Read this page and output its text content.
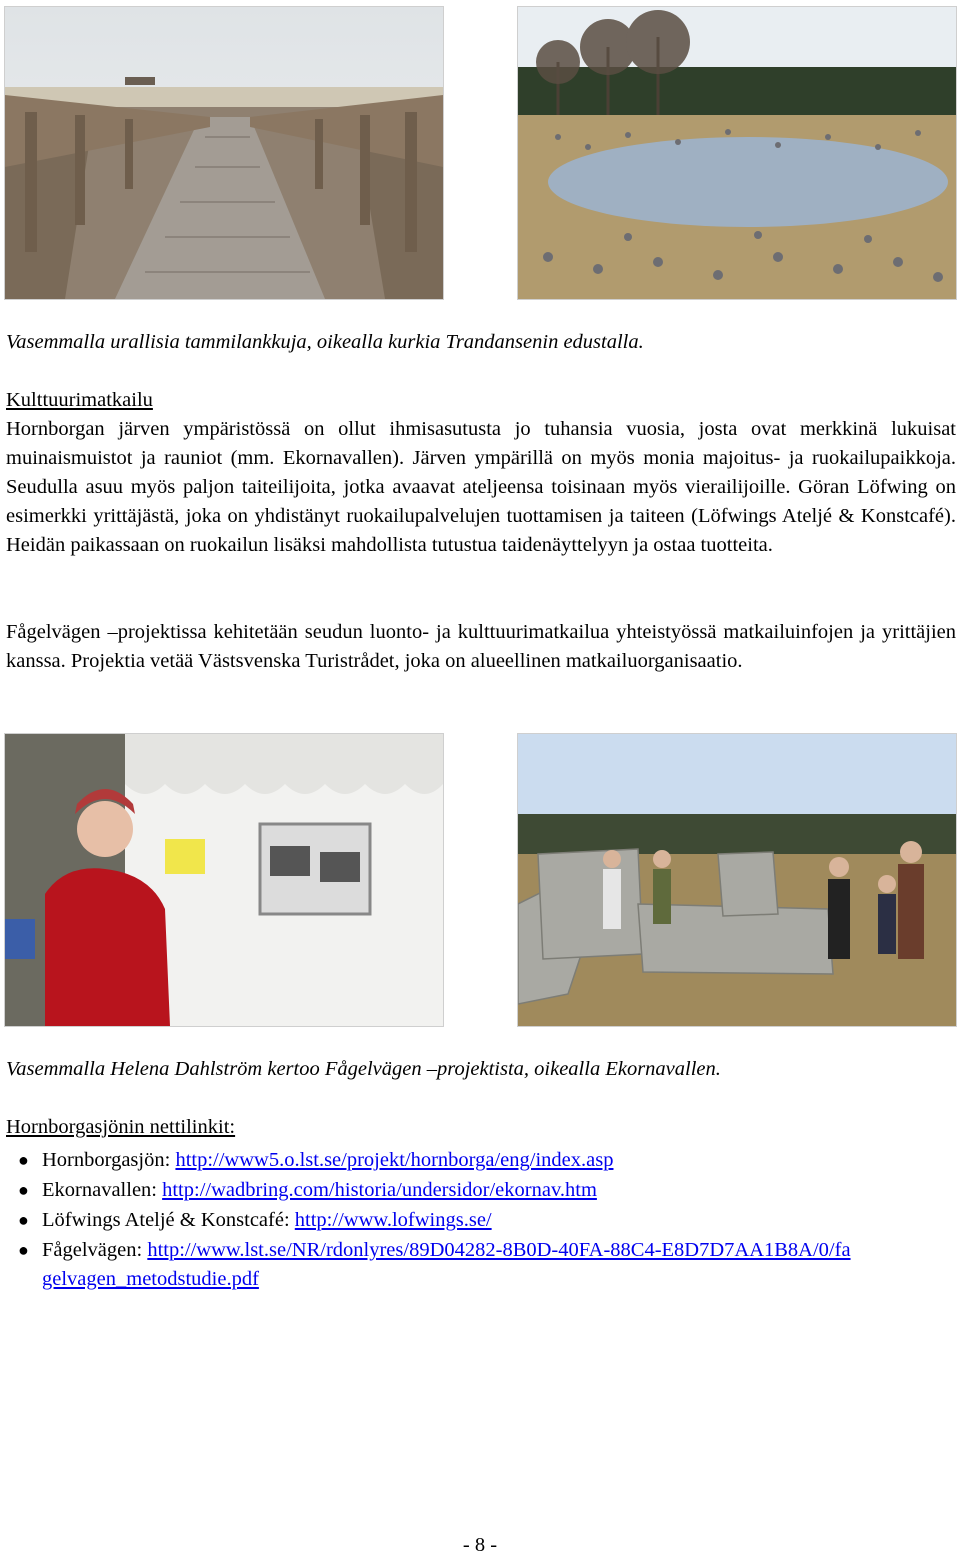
Vasemmalla urallisia tammilankkuja, oikealla kurkia Trandansenin edustalla.
Kulttuurimatkailu

Hornborgan järven ympäristössä on ollut ihmisasutusta jo tuhansia vuosia, josta ovat merkkinä lukuisat muinaismuistot ja rauniot (mm. Ekornavallen). Järven ympärillä on myös monia majoitus- ja ruokailupaikkoja. Seudulla asuu myös paljon taiteilijoita, jotka avaavat ateljeensa toisinaan myös vierailijoille. Göran Löfwing on esimerkki yrittäjästä, joka on yhdistänyt ruokailupalvelujen tuottamisen ja taiteen (Löfwings Ateljé & Konstcafé). Heidän paikassaan on ruokailun lisäksi mahdollista tutustua taidenäyttelyyn ja ostaa tuotteita.

Fågelvägen –projektissa kehitetään seudun luonto- ja kulttuurimatkailua yhteistyössä matkailuinfojen ja yrittäjien kanssa. Projektia vetää Västsvenska Turistrådet, joka on alueellinen matkailuorganisaatio.

Vasemmalla Helena Dahlström kertoo Fågelvägen –projektista, oikealla Ekornavallen.
Hornborgasjönin nettilinkit:
● Hornborgasjön: http://www5.o.lst.se/projekt/hornborga/eng/index.asp
● Ekornavallen: http://wadbring.com/historia/undersidor/ekornav.htm
● Löfwings Ateljé & Konstcafé: http://www.lofwings.se/
● Fågelvägen: http://www.lst.se/NR/rdonlyres/89D04282-8B0D-40FA-88C4-E8D7D7AA1B8A/0/fagelvagen_metodstudie.pdf
- 8 -
